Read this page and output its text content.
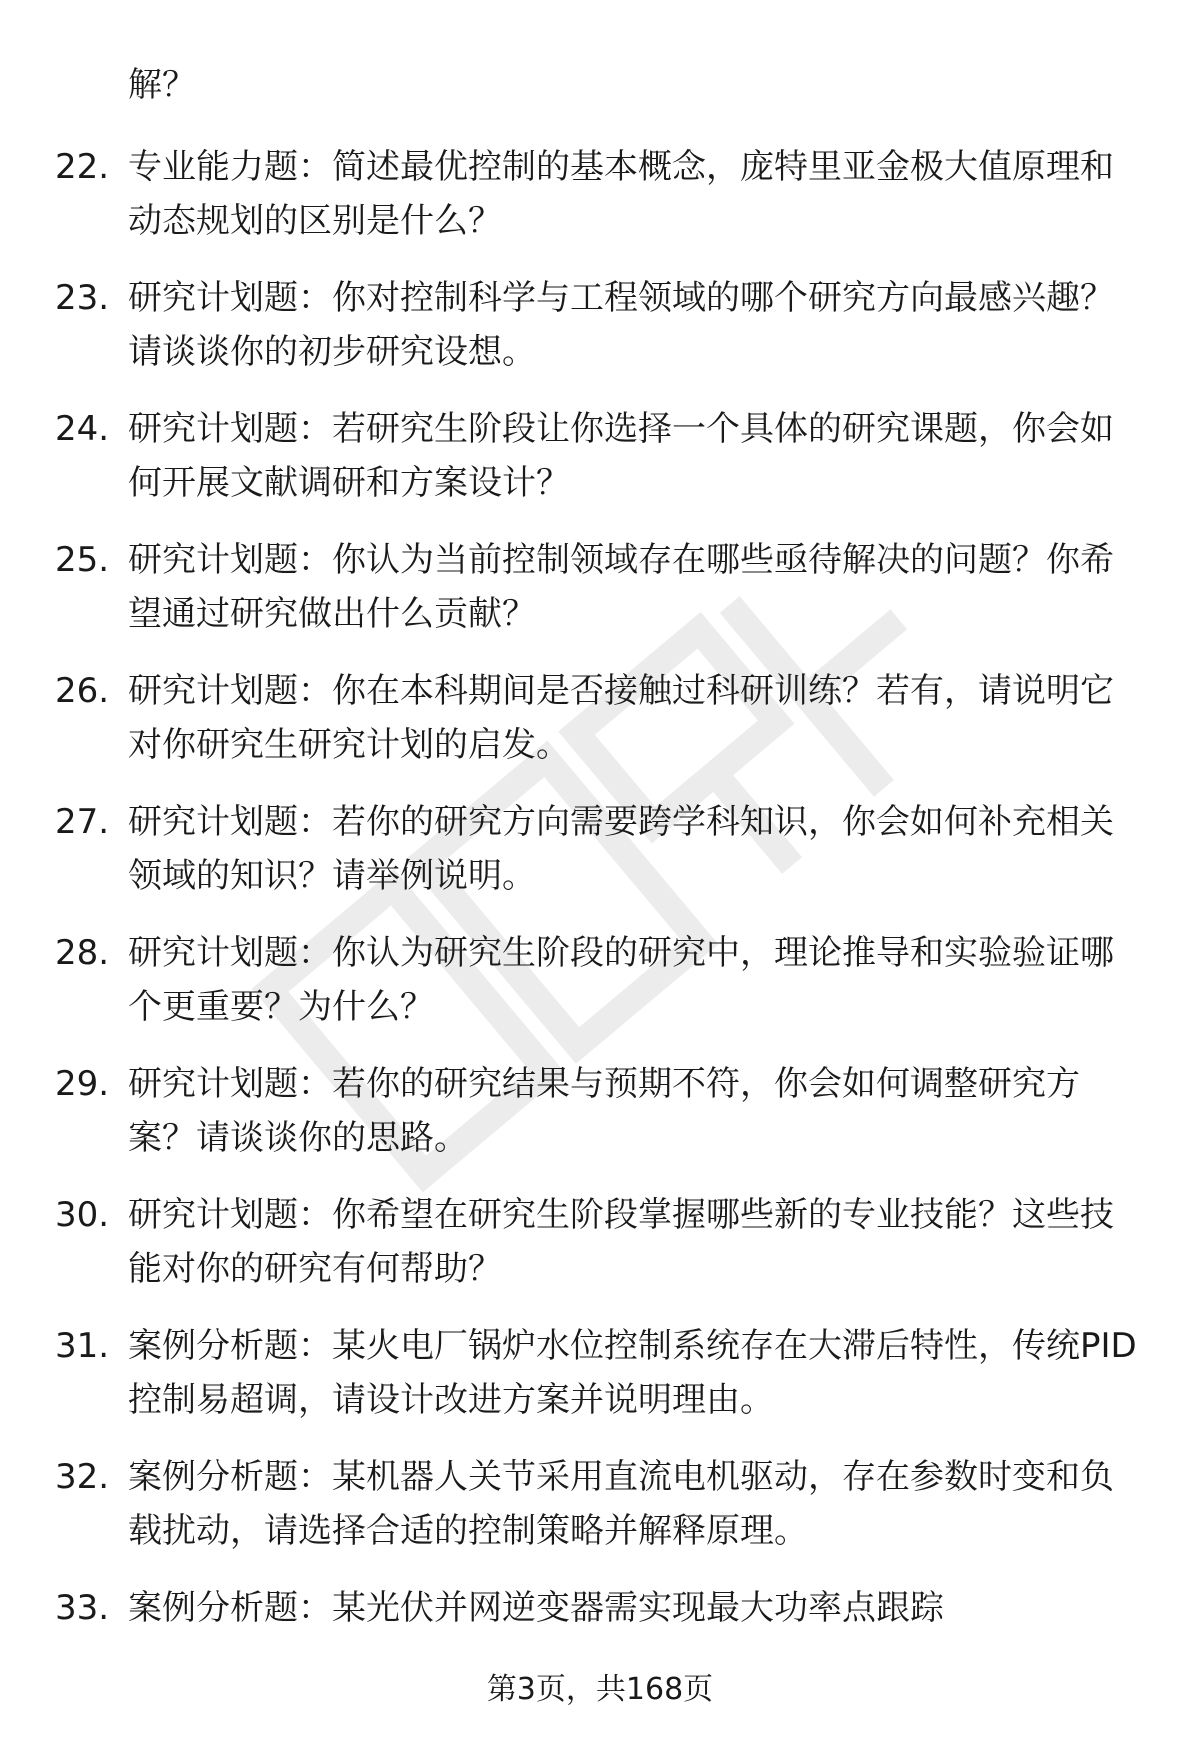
解？

22. 专业能力题：简述最优控制的基本概念，庞特里亚金极大值原理和动态规划的区别是什么？

23. 研究计划题：你对控制科学与工程领域的哪个研究方向最感兴趣？请谈谈你的初步研究设想。

24. 研究计划题：若研究生阶段让你选择一个具体的研究课题，你会如何开展文献调研和方案设计？

25. 研究计划题：你认为当前控制领域存在哪些亟待解决的问题？你希望通过研究做出什么贡献？

26. 研究计划题：你在本科期间是否接触过科研训练？若有，请说明它对你研究生研究计划的启发。

27. 研究计划题：若你的研究方向需要跨学科知识，你会如何补充相关领域的知识？请举例说明。

28. 研究计划题：你认为研究生阶段的研究中，理论推导和实验验证哪个更重要？为什么？

29. 研究计划题：若你的研究结果与预期不符，你会如何调整研究方案？请谈谈你的思路。

30. 研究计划题：你希望在研究生阶段掌握哪些新的专业技能？这些技能对你的研究有何帮助？

31. 案例分析题：某火电厂锅炉水位控制系统存在大滞后特性，传统PID控制易超调，请设计改进方案并说明理由。

32. 案例分析题：某机器人关节采用直流电机驱动，存在参数时变和负载扰动，请选择合适的控制策略并解释原理。

33. 案例分析题：某光伏并网逆变器需实现最大功率点跟踪

第3页，共168页
